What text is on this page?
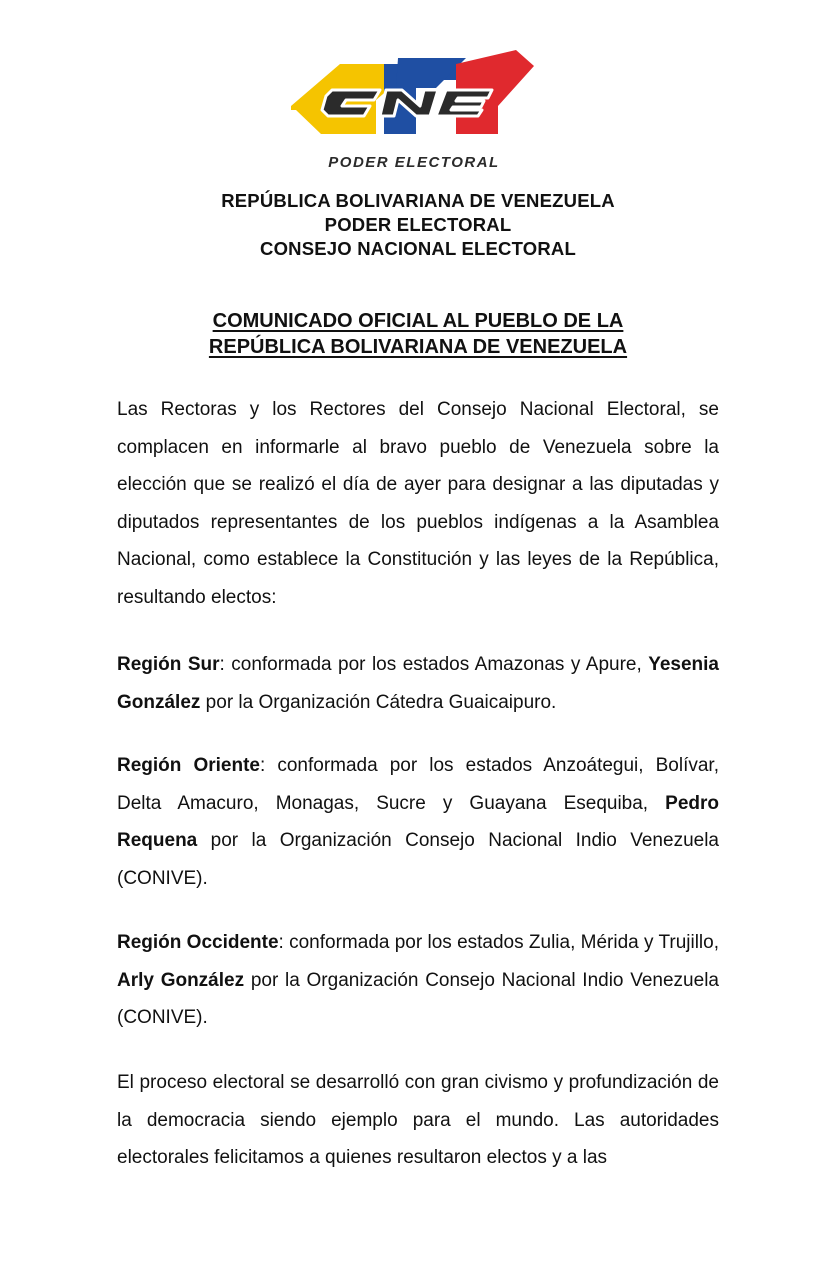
PODER ELECTORAL
REPÚBLICA BOLIVARIANA DE VENEZUELA
PODER ELECTORAL
CONSEJO NACIONAL ELECTORAL
COMUNICADO OFICIAL AL PUEBLO DE LA
REPÚBLICA BOLIVARIANA DE VENEZUELA
Las Rectoras y los Rectores del Consejo Nacional Electoral, se complacen en informarle al bravo pueblo de Venezuela sobre la elección que se realizó el día de ayer para designar a las diputadas y diputados representantes de los pueblos indígenas a la Asamblea Nacional, como establece la Constitución y las leyes de la República, resultando electos:
Región Sur: conformada por los estados Amazonas y Apure, Yesenia González por la Organización Cátedra Guaicaipuro.
Región Oriente: conformada por los estados Anzoátegui, Bolívar, Delta Amacuro, Monagas, Sucre y Guayana Esequiba, Pedro Requena por la Organización Consejo Nacional Indio Venezuela (CONIVE).
Región Occidente: conformada por los estados Zulia, Mérida y Trujillo, Arly González por la Organización Consejo Nacional Indio Venezuela (CONIVE).
El proceso electoral se desarrolló con gran civismo y profundización de la democracia siendo ejemplo para el mundo. Las autoridades electorales felicitamos a quienes resultaron electos y a las
